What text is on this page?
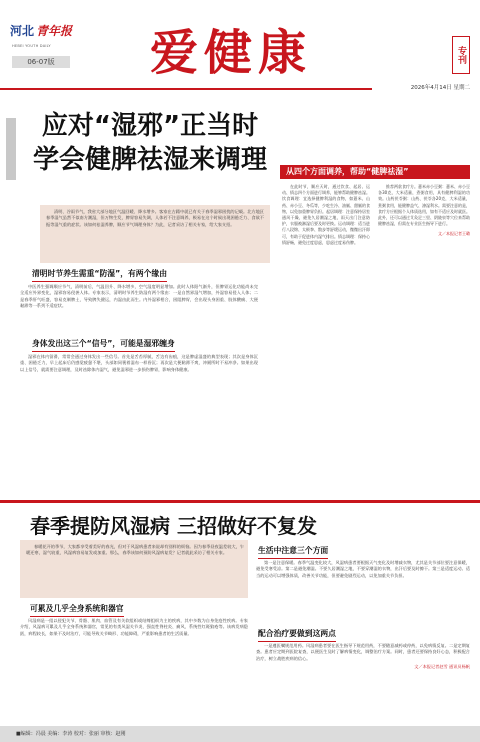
河北 青年报
HEBEI YOUTH DAILY
06-07版	爱健康	专刊
2026年4月14日 星期二
应对“湿邪”正当时
学会健脾祛湿来调理

清明、谷雨节气，我省大部分地区气温回暖、降水增多。客家在古籍中就已有关于春季湿邪困扰的记载。北方地区春季湿气虽然不似南方潮湿，但万物生发，脾胃容易失调，人体若不注意调养，极易在这个时候出现困倦乏力、食欲不振等湿气重的症状。该如何祛湿养脾，顺应节气调理身体？为此，记者采访了相关专家，给大家支招。

清明时节养生需重“防湿”，有两个缘由

中医养生强调顺应节气，清明前后，气温回升、降水增多，空气湿度明显增加。此时人体阳气渐升，但脾胃运化功能尚未完全适应外界变化，湿邪容易侵袭人体。专家表示，清明时节养生防湿有两个缘由：一是自然界湿气增加，外湿容易侵入人体；二是春季肝气旺盛，容易克制脾土，导致脾失健运，内湿由此而生。内外湿邪相合，困阻脾胃，会出现头身困重、肢体酸痛、大便黏滞等一系列不适症状。

身体发出这三个“信号”，可能是湿邪缠身

湿邪在体内留滞，常常会通过身体发出一些信号。首先是舌苔厚腻，舌边有齿痕，这是脾虚湿盛的典型表现；其次是身体沉重、困倦乏力，早上起床后仍感觉疲惫不堪，头部如同裹着湿布一样昏沉；再次是大便黏滞不爽，冲厕所时不易冲净。如果出现以上信号，就需要注意调理，及时祛除体内湿气，避免湿邪进一步损伤脾胃，影响身体健康。

从四个方面调养，帮助“健脾祛湿”

在此时节，顺应天时，通过饮食、起居、运动、情志四个方面进行调养，能够帮助健脾祛湿。饮食调理：宜选择健脾利湿的食物，如薏米、山药、赤小豆、冬瓜等，少吃生冷、油腻、甜腻的食物，以免加重脾胃负担。起居调理：注意保持居室通风干燥，避免久居潮湿之地，雨天出门注意防护，衣服被淋湿后要及时更换。运动调理：适当进行八段锦、太极拳、散步等舒缓运动，微微出汗即可，有助于促进体内湿气排出。情志调理：保持心情舒畅，避免过度思虑，思虑过度易伤脾。

推荐两款食疗方。薏米赤小豆粥：薏米、赤小豆各30克，大米适量，煮粥食用，具有健脾利湿的功效。山药茯苓粥：山药、茯苓各20克，大米适量，煮粥食用，能健脾益气、渗湿利水。需要注意的是，食疗方应根据个人体质选用，如有不适应及时就医。此外，还可以通过艾灸足三里、阴陵泉等穴位来帮助健脾祛湿，但需在专业医生指导下进行。

文／本报记者王璐

春季提防风湿病 三招做好不复发

春暖花开的季节，大家都享受着美好的春光，但对于风湿病患者来说却有别样的烦恼。因为春季昼夜温差较大，乍暖还寒，湿气较重，风湿病容易复发或加重。那么，春季该如何预防风湿病复发？记者就此采访了相关专家。

可累及几乎全身系统和器官

风湿病是一组以侵犯关节、骨骼、肌肉、血管及有关软组织或结缔组织为主的疾病，其中多数为自身免疫性疾病。专家介绍，风湿病可累及几乎全身系统和器官，常见的有类风湿关节炎、强直性脊柱炎、痛风、系统性红斑狼疮等。该病发病隐匿，病程较长，如果不及时治疗，可能导致关节畸形、功能障碍，严重影响患者的生活质量。

生活中注意三个方面

第一是注意保暖。春季气温变化较大，风湿病患者要根据天气变化及时增减衣物，尤其是关节部位要注意保暖，避免受寒受凉。第二是避免潮湿。不要久居潮湿之地，不要穿潮湿的衣物，出汗后要及时擦干。第三是适度运动。适当的运动可以增强体质，改善关节功能，但要避免剧烈运动，以免加重关节负担。

配合治疗要做到这两点

一是遵医嘱规范用药。风湿病患者要在医生指导下规范用药，不要随意减药或停药，以免病情反复。二是定期复查。患者应定期到医院复查，以便医生及时了解病情变化，调整治疗方案。同时，患者还要保持良好心态，积极配合治疗，树立战胜疾病的信心。

文／本报记者赵雪 通讯员杨帆

■编辑：冯晨 美编：李涛 校对：张丽 审核：赵刚
